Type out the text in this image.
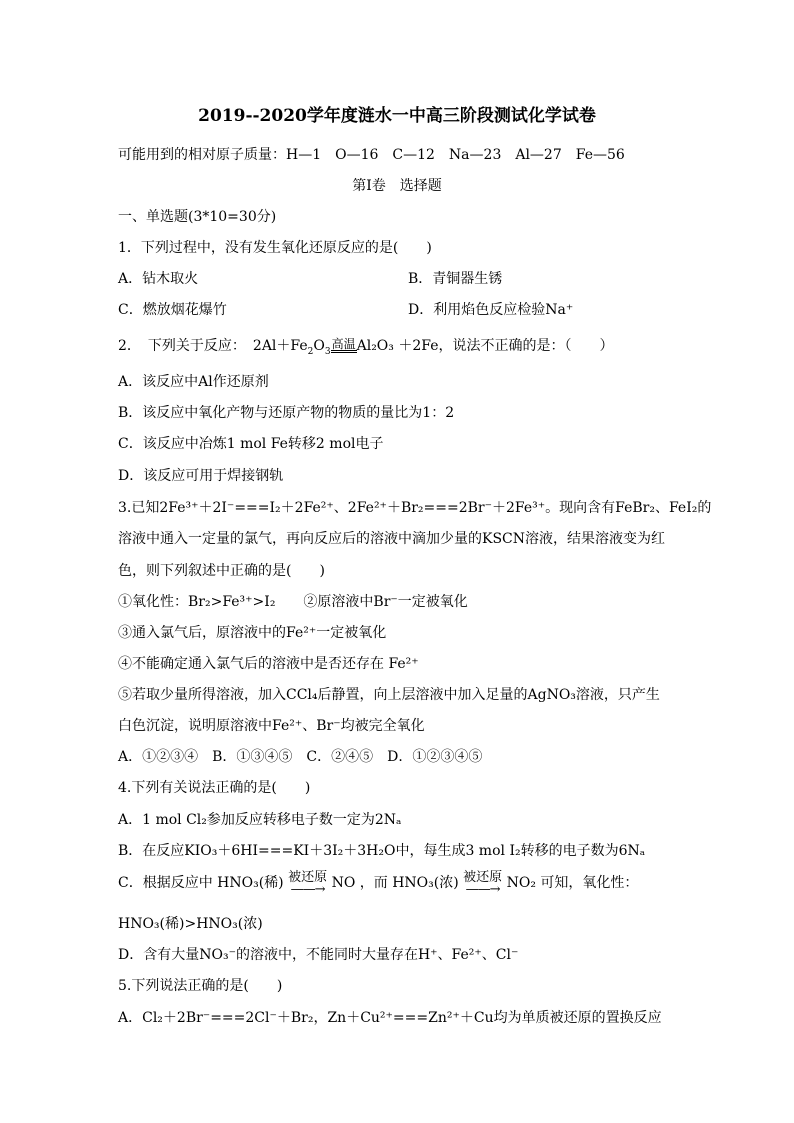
2019--2020学年度涟水一中高三阶段测试化学试卷
可能用到的相对原子质量：H—1　O—16　C—12　Na—23　Al—27　Fe—56
第Ⅰ卷　选择题
一、单选题(3*10=30分)
1．下列过程中，没有发生氧化还原反应的是(　　)
A．钻木取火	B．青铜器生锈
C．燃放烟花爆竹	D．利用焰色反应检验Na⁺
2．　下列关于反应：　$2Al+Fe_2O_3$
高温 Al₂O₃ ＋2Fe，说法不正确的是：（　　）
A．该反应中Al作还原剂
B．该反应中氧化产物与还原产物的物质的量比为1：2
C．该反应中冶炼1 mol Fe转移2 mol电子
D．该反应可用于焊接钢轨
3.已知2Fe³⁺＋2I⁻===I₂＋2Fe²⁺、2Fe²⁺＋Br₂===2Br⁻＋2Fe³⁺。现向含有FeBr₂、FeI₂的
溶液中通入一定量的氯气，再向反应后的溶液中滴加少量的KSCN溶液，结果溶液变为红
色，则下列叙述中正确的是(　　)
①氧化性：Br₂>Fe³⁺>I₂　　②原溶液中Br⁻一定被氧化
③通入氯气后，原溶液中的Fe²⁺一定被氧化
④不能确定通入氯气后的溶液中是否还存在 Fe²⁺
⑤若取少量所得溶液，加入CCl₄后静置，向上层溶液中加入足量的AgNO₃溶液，只产生
白色沉淀，说明原溶液中Fe²⁺、Br⁻均被完全氧化
A．①②③④　B．①③④⑤　C．②④⑤　D．①②③④⑤
4.下列有关说法正确的是(　　)
A．1 mol Cl₂参加反应转移电子数一定为2Nₐ
B．在反应KIO₃＋6HI===KI＋3I₂＋3H₂O中，每生成3 mol I₂转移的电子数为6Nₐ
C．根据反应中 HNO₃(稀) 被还原
——→ NO ，而 HNO₃(浓) 被还原
——→ NO₂ 可知，氧化性：
HNO₃(稀)>HNO₃(浓)
D．含有大量NO₃⁻的溶液中，不能同时大量存在H⁺、Fe²⁺、Cl⁻
5.下列说法正确的是(　　)
A．Cl₂＋2Br⁻===2Cl⁻＋Br₂，Zn＋Cu²⁺===Zn²⁺＋Cu均为单质被还原的置换反应
